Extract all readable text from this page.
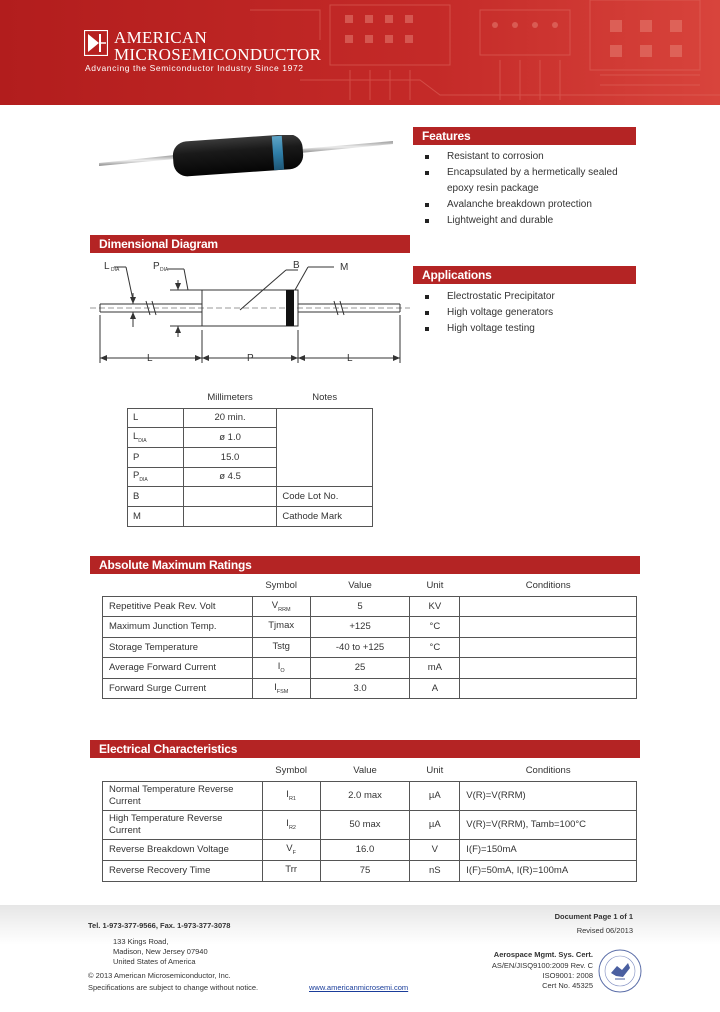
AMERICAN
MICROSEMICONDUCTOR
Advancing the Semiconductor Industry Since 1972
Features
Resistant to corrosion
Encapsulated by a hermetically sealed
epoxy resin package
Avalanche breakdown protection
Lightweight and durable
Applications
Electrostatic Precipitator
High voltage generators
High voltage testing
Dimensional Diagram
L DIA	P DIA	B	M
L	P	L
	Millimeters	Notes
L	20 min.	
$L_{DIA}$	ø 1.0	
P	15.0	
$P_{DIA}$	ø 4.5	
B		Code Lot No.
M		Cathode Mark
Absolute Maximum Ratings
	Symbol	Value	Unit	Conditions
Repetitive Peak Rev. Volt	$V_{RRM}$	5	KV	
Maximum Junction Temp.	Tjmax	+125	°C	
Storage Temperature	Tstg	-40 to +125	°C	
Average Forward Current	$I_O$	25	mA	
Forward Surge Current	$I_{FSM}$	3.0	A	
Electrical Characteristics
	Symbol	Value	Unit	Conditions
Normal Temperature Reverse
Current	$I_{R1}$	2.0 max	µA	V(R)=V(RRM)
High Temperature Reverse
Current	$I_{R2}$	50 max	µA	V(R)=V(RRM), Tamb=100°C
Reverse Breakdown Voltage	$V_F$	16.0	V	I(F)=150mA
Reverse Recovery Time	Trr	75	nS	I(F)=50mA, I(R)=100mA
Tel. 1-973-377-9566, Fax. 1-973-377-3078
133 Kings Road,
Madison, New Jersey 07940
United States of America
© 2013 American Microsemiconductor, Inc.
Specifications are subject to change without notice.	www.americanmicrosemi.com
Document Page 1 of 1
Revised 06/2013
Aerospace Mgmt. Sys. Cert.
AS/EN/JISQ9100:2009 Rev. C
ISO9001: 2008
Cert No. 45325
